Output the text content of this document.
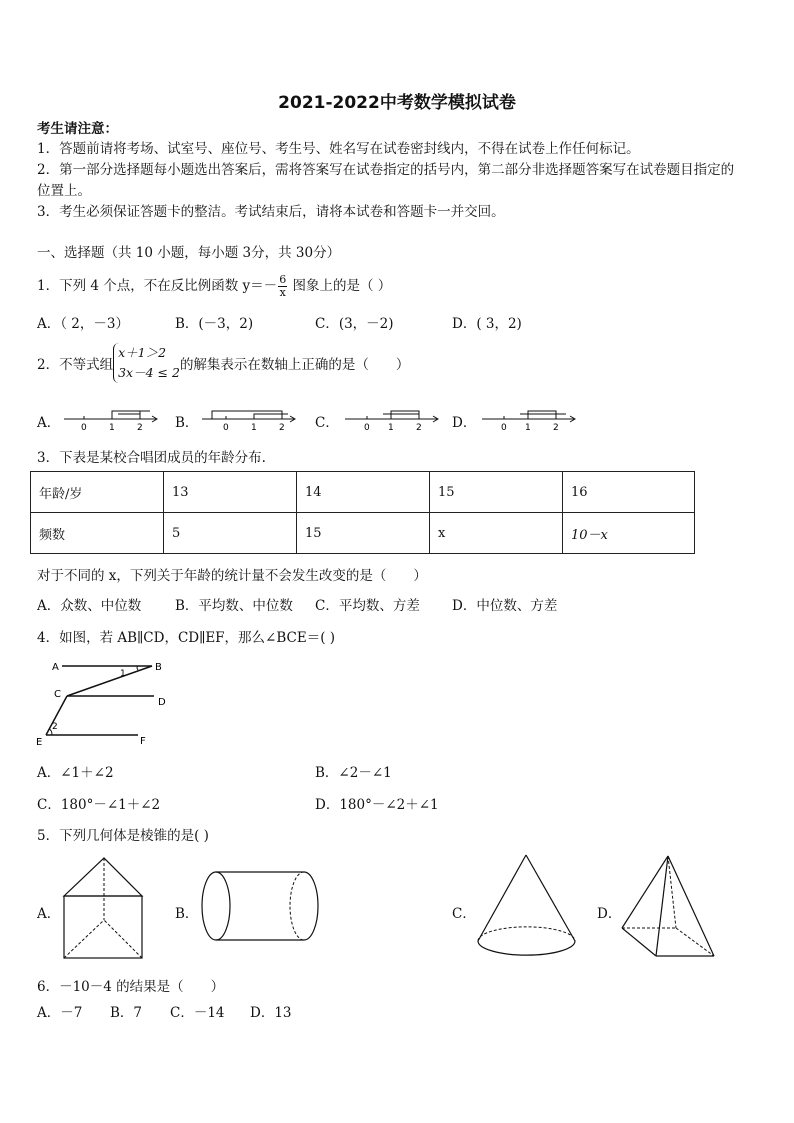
2021-2022中考数学模拟试卷
考生请注意：
1．答题前请将考场、试室号、座位号、考生号、姓名写在试卷密封线内，不得在试卷上作任何标记。
2．第一部分选择题每小题选出答案后，需将答案写在试卷指定的括号内，第二部分非选择题答案写在试卷题目指定的
位置上。
3．考生必须保证答题卡的整洁。考试结束后，请将本试卷和答题卡一并交回。
一、选择题（共 10 小题，每小题 3分，共 30分）
1．下列 4 个点，不在反比例函数 $y=- \frac{6}{x}$ 图象上的是（ ）
A．（ 2，－3）	B．(－3，2)	C．(3，－2)	D．( 3，2)
2．不等式组
x＋1＞2
3x－4 ≤ 2 的解集表示在数轴上正确的是（　　）
A． 0 1 2 B．	0 1 2 C．	0 1 2 D．	0 1 2
3．下表是某校合唱团成员的年龄分布.
年龄/岁	13	14	15	16
频数	5	15	x	10－x
对于不同的 x，下列关于年龄的统计量不会发生改变的是（　　）
A．众数、中位数	B．平均数、中位数 C．平均数、方差 D．中位数、方差
4．如图，若 AB∥CD，CD∥EF，那么∠BCE＝( )
A	B
C
D
E	F
1
2
A．∠1＋∠2	B．∠2－∠1
C．180°－∠1＋∠2	D．180°－∠2＋∠1
5．下列几何体是棱锥的是( )
A．	B．	C．	D．
6．－10－4 的结果是（　　）
A．－7 B．7 C．－14 D．13
